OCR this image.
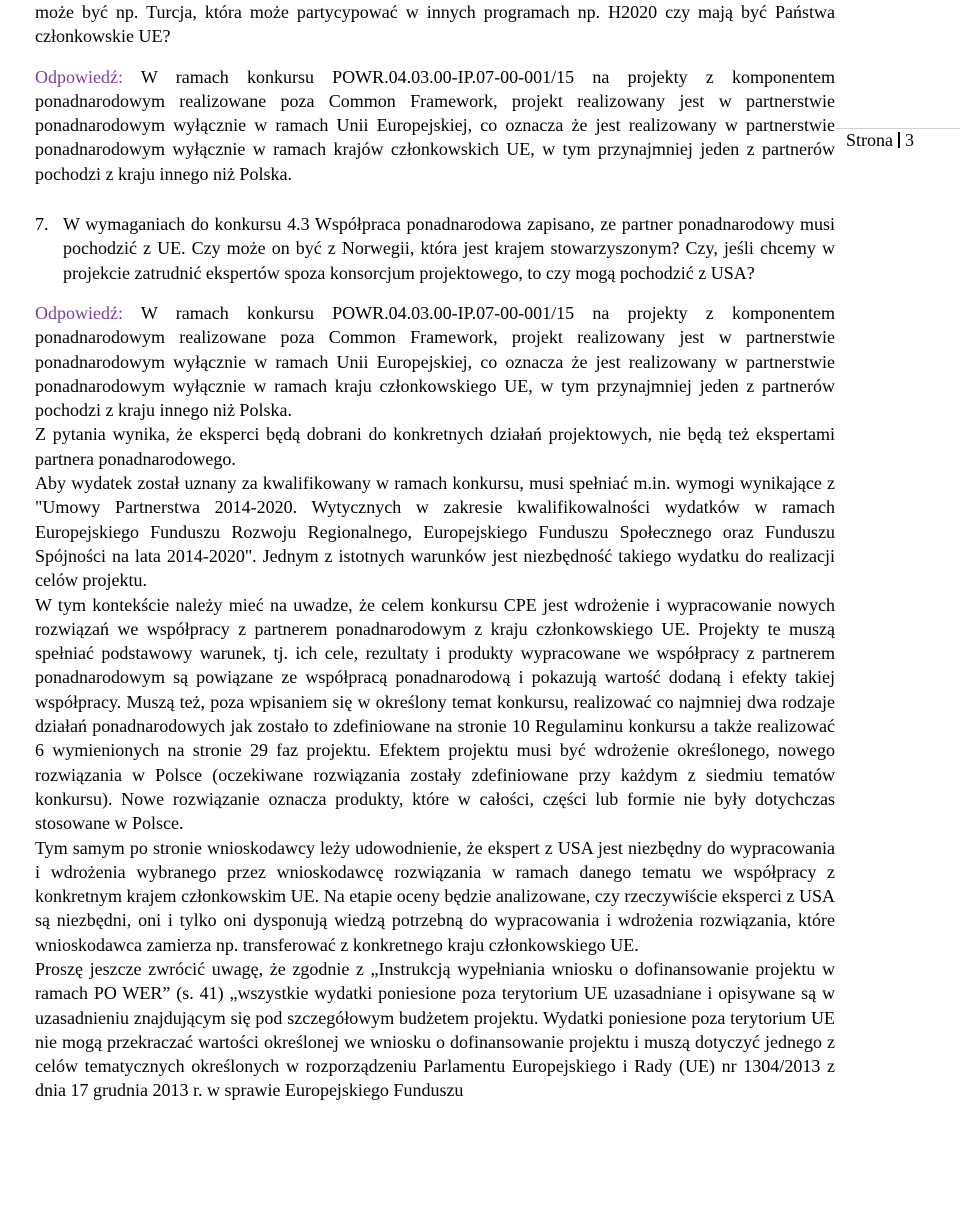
Strona 3

może być np. Turcja, która może partycypować w innych programach np. H2020 czy mają być Państwa członkowskie UE?

Odpowiedź: W ramach konkursu POWR.04.03.00-IP.07-00-001/15 na projekty z komponentem ponadnarodowym realizowane poza Common Framework, projekt realizowany jest w partnerstwie ponadnarodowym wyłącznie w ramach Unii Europejskiej, co oznacza że jest realizowany w partnerstwie ponadnarodowym wyłącznie w ramach krajów członkowskich UE, w tym przynajmniej jeden z partnerów pochodzi z kraju innego niż Polska.

7. W wymaganiach do konkursu 4.3 Współpraca ponadnarodowa zapisano, ze partner ponadnarodowy musi pochodzić z UE. Czy może on być z Norwegii, która jest krajem stowarzyszonym? Czy, jeśli chcemy w projekcie zatrudnić ekspertów spoza konsorcjum projektowego, to czy mogą pochodzić z USA?

Odpowiedź: W ramach konkursu POWR.04.03.00-IP.07-00-001/15 na projekty z komponentem ponadnarodowym realizowane poza Common Framework, projekt realizowany jest w partnerstwie ponadnarodowym wyłącznie w ramach Unii Europejskiej, co oznacza że jest realizowany w partnerstwie ponadnarodowym wyłącznie w ramach kraju członkowskiego UE, w tym przynajmniej jeden z partnerów pochodzi z kraju innego niż Polska.

Z pytania wynika, że eksperci będą dobrani do konkretnych działań projektowych, nie będą też ekspertami partnera ponadnarodowego.

Aby wydatek został uznany za kwalifikowany w ramach konkursu, musi spełniać m.in. wymogi wynikające z "Umowy Partnerstwa 2014-2020. Wytycznych w zakresie kwalifikowalności wydatków w ramach Europejskiego Funduszu Rozwoju Regionalnego, Europejskiego Funduszu Społecznego oraz Funduszu Spójności na lata 2014-2020". Jednym z istotnych warunków jest niezbędność takiego wydatku do realizacji celów projektu.

W tym kontekście należy mieć na uwadze, że celem konkursu CPE jest wdrożenie i wypracowanie nowych rozwiązań we współpracy z partnerem ponadnarodowym z kraju członkowskiego UE. Projekty te muszą spełniać podstawowy warunek, tj. ich cele, rezultaty i produkty wypracowane we współpracy z partnerem ponadnarodowym są powiązane ze współpracą ponadnarodową i pokazują wartość dodaną i efekty takiej współpracy. Muszą też, poza wpisaniem się w określony temat konkursu, realizować co najmniej dwa rodzaje działań ponadnarodowych jak zostało to zdefiniowane na stronie 10 Regulaminu konkursu a także realizować 6 wymienionych na stronie 29 faz projektu. Efektem projektu musi być wdrożenie określonego, nowego rozwiązania w Polsce (oczekiwane rozwiązania zostały zdefiniowane przy każdym z siedmiu tematów konkursu). Nowe rozwiązanie oznacza produkty, które w całości, części lub formie nie były dotychczas stosowane w Polsce.

Tym samym po stronie wnioskodawcy leży udowodnienie, że ekspert z USA jest niezbędny do wypracowania i wdrożenia wybranego przez wnioskodawcę rozwiązania w ramach danego tematu we współpracy z konkretnym krajem członkowskim UE. Na etapie oceny będzie analizowane, czy rzeczywiście eksperci z USA są niezbędni, oni i tylko oni dysponują wiedzą potrzebną do wypracowania i wdrożenia rozwiązania, które wnioskodawca zamierza np. transferować z konkretnego kraju członkowskiego UE.

Proszę jeszcze zwrócić uwagę, że zgodnie z „Instrukcją wypełniania wniosku o dofinansowanie projektu w ramach PO WER” (s. 41) „wszystkie wydatki poniesione poza terytorium UE uzasadniane i opisywane są w uzasadnieniu znajdującym się pod szczegółowym budżetem projektu. Wydatki poniesione poza terytorium UE nie mogą przekraczać wartości określonej we wniosku o dofinansowanie projektu i muszą dotyczyć jednego z celów tematycznych określonych w rozporządzeniu Parlamentu Europejskiego i Rady (UE) nr 1304/2013 z dnia 17 grudnia 2013 r. w sprawie Europejskiego Funduszu
